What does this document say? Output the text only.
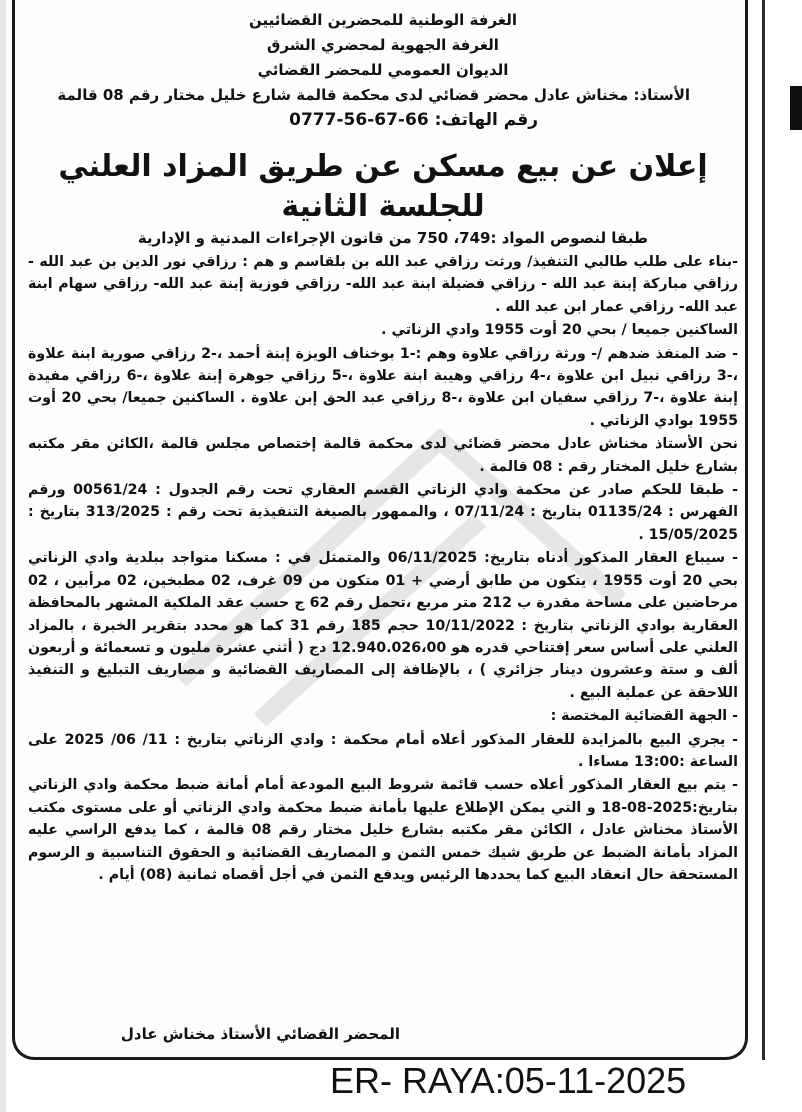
الغرفة الوطنية للمحضرين القضائيين
الغرفة الجهوية لمحضري الشرق
الديوان العمومي للمحضر القضائي
الأستاذ: مخناش عادل محضر قضائي لدى محكمة قالمة شارع خليل مختار رقم 08 قالمة
رقم الهاتف: 66-67-56-0777
إعلان عن بيع مسكن عن طريق المزاد العلني للجلسة الثانية
طبقا لنصوص المواد :749، 750 من قانون الإجراءات المدنية و الإدارية

-بناء على طلب طالبي التنفيذ/ ورثت رزاقي عبد الله بن بلقاسم و هم : رزاقي نور الدين بن عبد الله - رزاقي مباركة إبنة عبد الله - رزاقي فضيلة ابنة عبد الله- رزاقي فوزية إبنة عبد الله- رزاقي سهام ابنة عبد الله- رزاقي عمار ابن عبد الله .

الساكنين جميعا / بحي 20 أوت 1955 وادي الزناتي .

- ضد المنفذ ضدهم /- ورثة رزاقي علاوة وهم :-1 بوخناف الويزة إبنة أحمد ،-2 رزاقي صورية ابنة علاوة ،-3 رزاقي نبيل ابن علاوة ،-4 رزاقي وهيبة ابنة علاوة ،-5 رزاقي جوهرة إبنة علاوة ،-6 رزاقي مفيدة إبنة علاوة ،-7 رزاقي سفيان ابن علاوة ،-8 رزاقي عبد الحق إبن علاوة . الساكنين جميعا/ بحي 20 أوت 1955 بوادي الزناتي .

نحن الأستاذ مخناش عادل محضر قضائي لدى محكمة قالمة إختصاص مجلس قالمة ،الكائن مقر مكتبه بشارع خليل المختار رقم : 08 قالمة .

- طبقا للحكم صادر عن محكمة وادي الزناتي القسم العقاري تحت رقم الجدول : 00561/24 ورقم الفهرس : 01135/24 بتاريخ : 07/11/24 ، والممهور بالصيغة التنفيذية تحت رقم : 313/2025 بتاريخ : 15/05/2025 .

- سيباع العقار المذكور أدناه بتاريخ: 06/11/2025 والمتمثل في : مسكنا متواجد ببلدية وادي الزناتي بحي 20 أوت 1955 ، يتكون من طابق أرضي + 01 متكون من 09 غرف، 02 مطبخين، 02 مرأبين ، 02 مرحاضين على مساحة مقدرة ب 212 متر مربع ،تحمل رقم 62 ج حسب عقد الملكية المشهر بالمحافظة العقارية بوادي الزناتي بتاريخ : 10/11/2022 حجم 185 رقم 31 كما هو محدد بتقرير الخبرة ، بالمزاد العلني على أساس سعر إفتتاحي قدره هو 12.940.026،00 دج ( أثني عشرة مليون و تسعمائة و أربعون ألف و ستة وعشرون دينار جزائري ) ، بالإظافة إلى المصاريف القضائية و مصاريف التبليغ و التنفيذ اللاحقة عن عملية البيع .

- الجهة القضائية المختصة :

- يجري البيع بالمزايدة للعقار المذكور أعلاه أمام محكمة : وادي الزناتي بتاريخ : 11/ 06/ 2025 على الساعة :13:00 مساءا .

- يتم بيع العقار المذكور أعلاه حسب قائمة شروط البيع المودعة أمام أمانة ضبط محكمة وادي الزناتي بتاريخ:2025-08-18 و التي يمكن الإطلاع عليها بأمانة ضبط محكمة وادي الزناتي أو على مستوى مكتب الأستاذ مخناش عادل ، الكائن مقر مكتبه بشارع خليل مختار رقم 08 قالمة ، كما يدفع الراسي عليه المزاد بأمانة الضبط عن طريق شيك خمس الثمن و المصاريف القضائية و الحقوق التناسبية و الرسوم المستحقة حال انعقاد البيع كما يحددها الرئيس ويدفع الثمن في أجل أقصاه ثمانية (08) أيام .

المحضر القضائي الأستاذ مخناش عادل
ER- RAYA:05-11-2025
